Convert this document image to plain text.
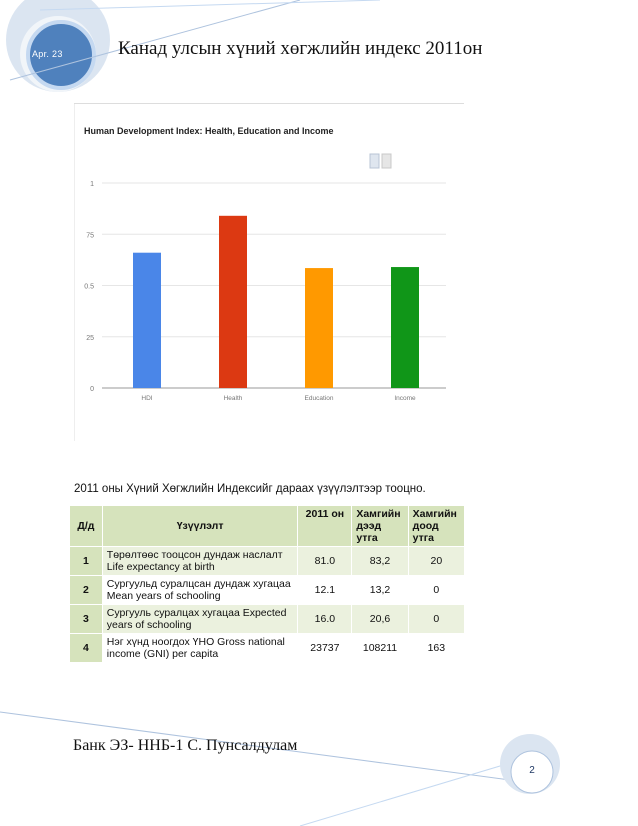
Apr. 23	Канад улсын хүний хөгжлийн индекс 2011он
Human Development Index: Health, Education and Income
0
25
0.5
75
1
HDI	Health	Education	Income
2011 оны Хүний Хөгжлийн Индексийг дараах үзүүлэлтээр тооцно.
Д/д	Үзүүлэлт	2011 он	Хамгийн дээд утга	Хамгийн доод утга
1	Төрөлтөөс тооцсон дундаж наслалт Life expectancy at birth	81.0	83,2	20
2	Сургуульд суралцсан дундаж хугацаа Mean years of schooling	12.1	13,2	0
3	Сургууль суралцах хугацаа Expected years of schooling	16.0	20,6	0
4	Нэг хүнд ноогдох ҮНО Gross national income (GNI) per capita	23737	108211	163
Банк ЭЗ- ННБ-1 С. Пунсалдулам
2
